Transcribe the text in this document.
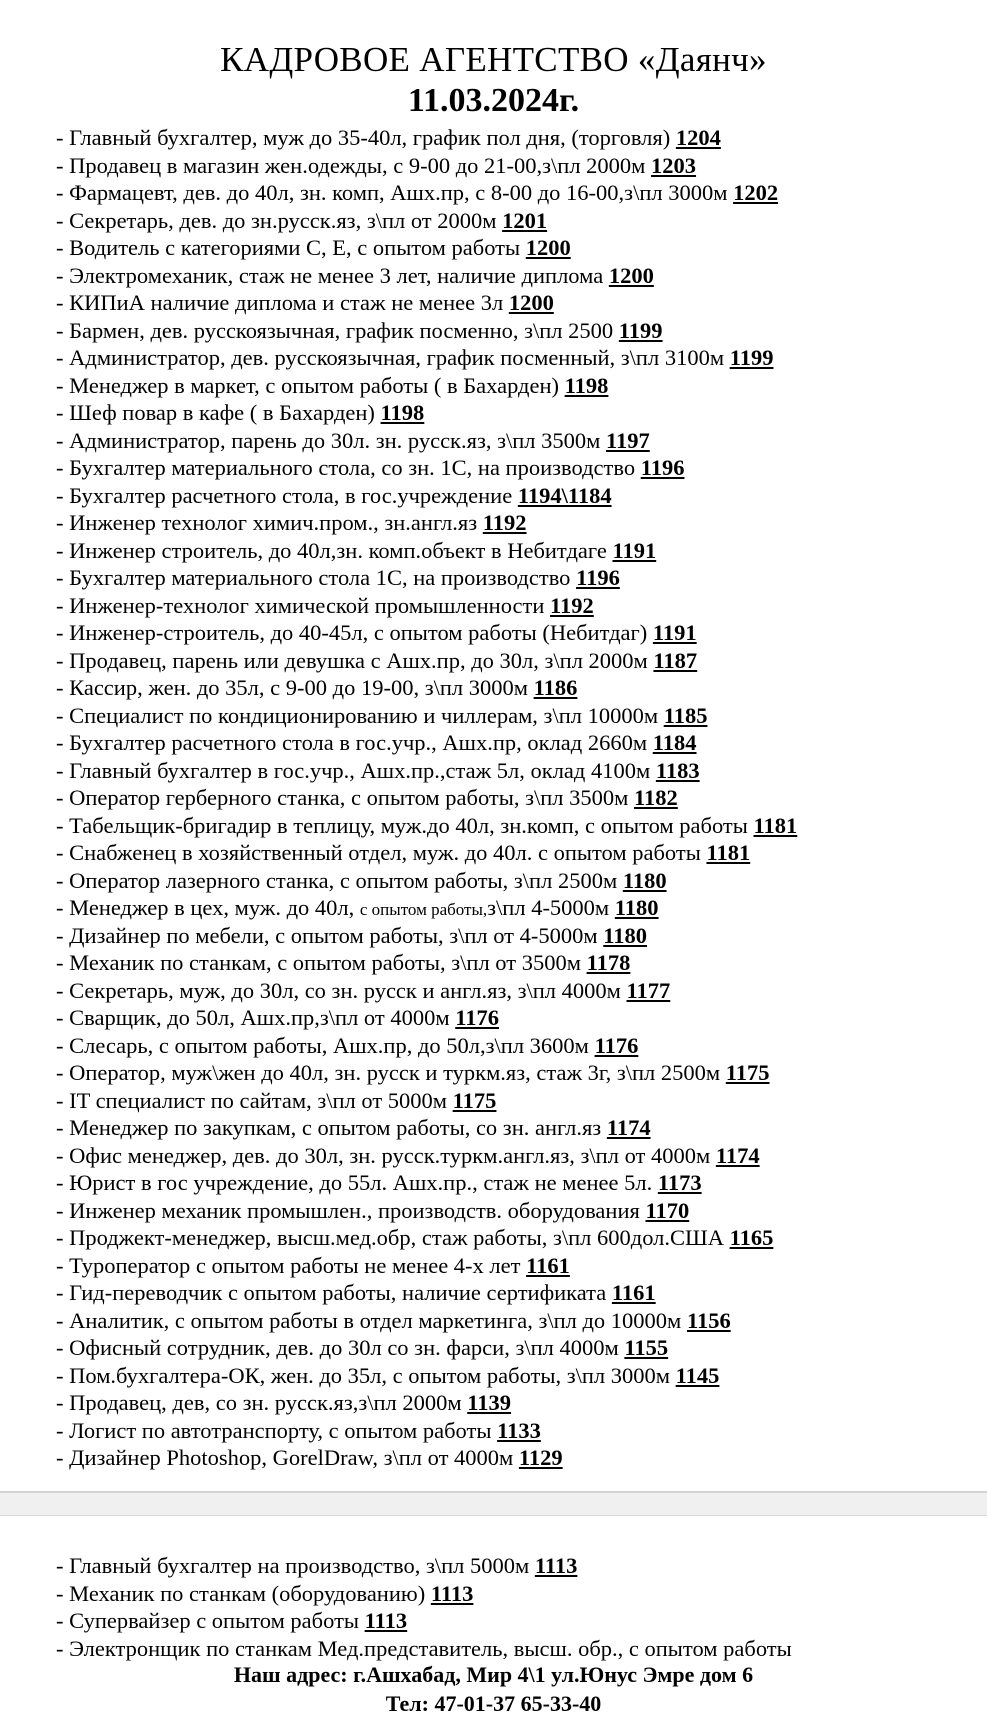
КАДРОВОЕ АГЕНТСТВО «Даянч»
11.03.2024г.
- Главный бухгалтер, муж до 35-40л, график пол дня, (торговля) 1204
- Продавец в магазин жен.одежды, с 9-00 до 21-00,з\пл 2000м 1203
- Фармацевт, дев. до 40л, зн. комп, Ашх.пр, с 8-00 до 16-00,з\пл 3000м 1202
- Секретарь, дев. до зн.русск.яз, з\пл от 2000м 1201
- Водитель с категориями С, Е, с опытом работы 1200
- Электромеханик, стаж не менее 3 лет, наличие диплома 1200
- КИПиА наличие диплома и стаж не менее 3л 1200
- Бармен, дев. русскоязычная, график посменно, з\пл 2500 1199
- Администратор, дев. русскоязычная, график посменный, з\пл 3100м 1199
- Менеджер в маркет, с опытом работы ( в Бахарден) 1198
- Шеф повар в кафе ( в Бахарден) 1198
- Администратор, парень до 30л. зн. русск.яз, з\пл 3500м 1197
- Бухгалтер материального стола, со зн. 1С, на производство 1196
- Бухгалтер расчетного стола, в гос.учреждение 1194\1184
- Инженер технолог химич.пром., зн.англ.яз 1192
- Инженер строитель, до 40л,зн. комп.объект в Небитдаге 1191
- Бухгалтер материального стола 1С, на производство 1196
- Инженер-технолог химической промышленности 1192
- Инженер-строитель, до 40-45л, с опытом работы (Небитдаг) 1191
- Продавец, парень или девушка с Ашх.пр, до 30л, з\пл 2000м 1187
- Кассир, жен. до 35л, с 9-00 до 19-00, з\пл 3000м 1186
- Специалист по кондиционированию и чиллерам, з\пл 10000м 1185
- Бухгалтер расчетного стола в гос.учр., Ашх.пр, оклад 2660м 1184
- Главный бухгалтер в гос.учр., Ашх.пр.,стаж 5л, оклад 4100м 1183
- Оператор герберного станка, с опытом работы, з\пл 3500м 1182
- Табельщик-бригадир в теплицу, муж.до 40л, зн.комп, с опытом работы 1181
- Снабженец в хозяйственный отдел, муж. до 40л. с опытом работы 1181
- Оператор лазерного станка, с опытом работы, з\пл 2500м 1180
- Менеджер в цех, муж. до 40л, с опытом работы,з\пл 4-5000м 1180
- Дизайнер по мебели, с опытом работы, з\пл от 4-5000м 1180
- Механик по станкам, с опытом работы, з\пл от 3500м 1178
- Секретарь, муж, до 30л, со зн. русск и англ.яз, з\пл 4000м 1177
- Сварщик, до 50л, Ашх.пр,з\пл от 4000м 1176
- Слесарь, с опытом работы, Ашх.пр, до 50л,з\пл 3600м 1176
- Оператор, муж\жен до 40л, зн. русск и туркм.яз, стаж 3г, з\пл 2500м 1175
- IT специалист по сайтам, з\пл от 5000м 1175
- Менеджер по закупкам, с опытом работы, со зн. англ.яз 1174
- Офис менеджер, дев. до 30л, зн. русск.туркм.англ.яз, з\пл от 4000м 1174
- Юрист в гос учреждение, до 55л. Ашх.пр., стаж не менее 5л. 1173
- Инженер механик промышлен., производств. оборудования 1170
- Проджект-менеджер, высш.мед.обр, стаж работы, з\пл 600дол.США 1165
- Туроператор с опытом работы не менее 4-х лет 1161
- Гид-переводчик с опытом работы, наличие сертификата 1161
- Аналитик, с опытом работы в отдел маркетинга, з\пл до 10000м 1156
- Офисный сотрудник, дев. до 30л со зн. фарси, з\пл 4000м 1155
- Пом.бухгалтера-ОК, жен. до 35л, с опытом работы, з\пл 3000м 1145
- Продавец, дев, со зн. русск.яз,з\пл 2000м 1139
- Логист по автотранспорту, с опытом работы 1133
- Дизайнер Photoshop, GorelDraw, з\пл от 4000м 1129
- Главный бухгалтер на производство, з\пл 5000м 1113
- Механик по станкам (оборудованию) 1113
- Супервайзер с опытом работы 1113
- Электронщик по станкам Мед.представитель, высш. обр., с опытом работы
Наш адрес: г.Ашхабад, Мир 4\1 ул.Юнус Эмре дом 6
Тел: 47-01-37 65-33-40
